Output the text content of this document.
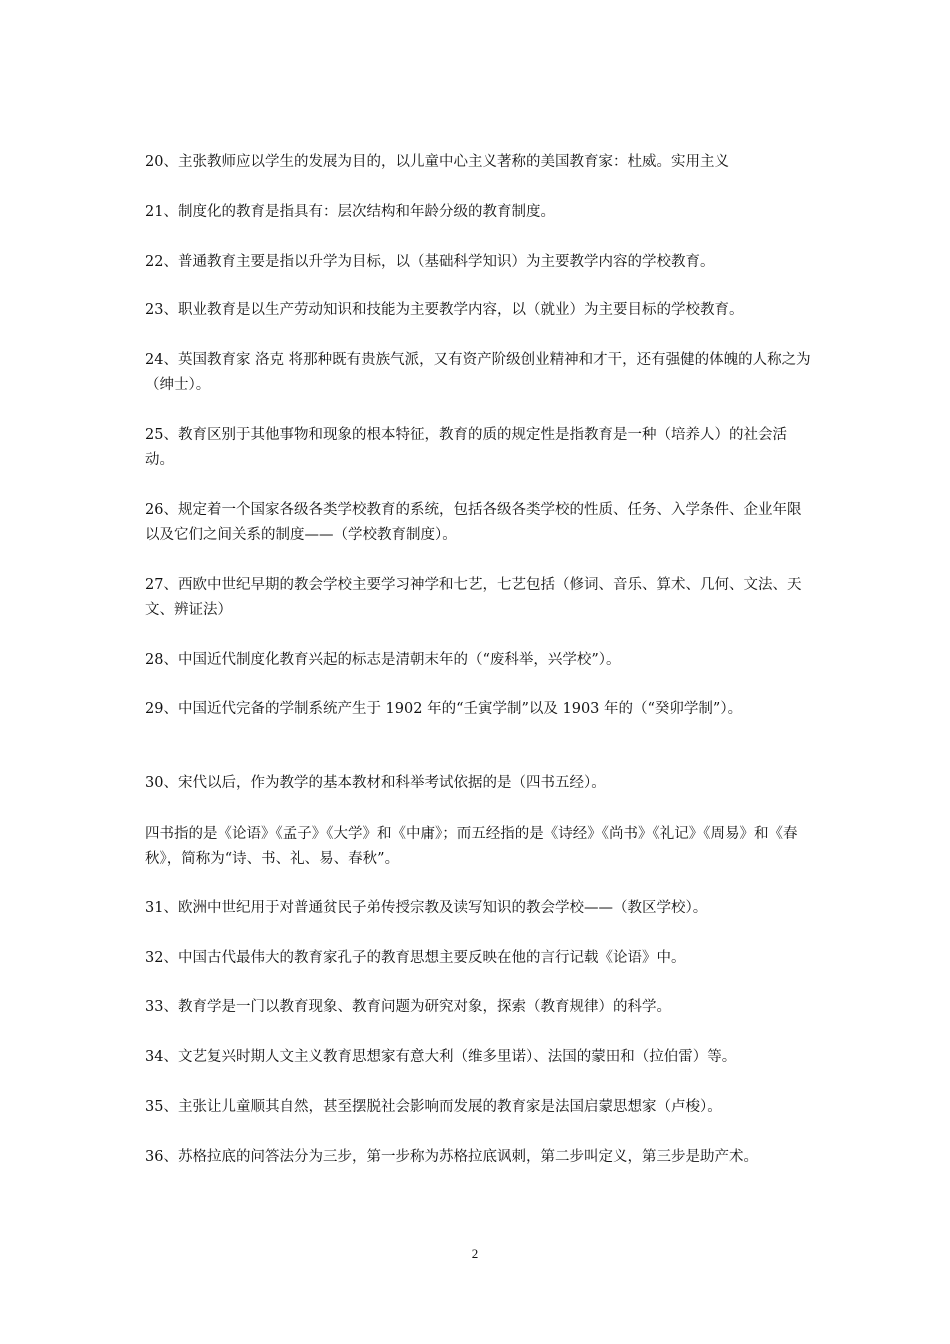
20、主张教师应以学生的发展为目的，以儿童中心主义著称的美国教育家：杜威。实用主义
21、制度化的教育是指具有：层次结构和年龄分级的教育制度。
22、普通教育主要是指以升学为目标，以（基础科学知识）为主要教学内容的学校教育。
23、职业教育是以生产劳动知识和技能为主要教学内容，以（就业）为主要目标的学校教育。
24、英国教育家 洛克 将那种既有贵族气派，又有资产阶级创业精神和才干，还有强健的体魄的人称之为（绅士）。
25、教育区别于其他事物和现象的根本特征，教育的质的规定性是指教育是一种（培养人）的社会活动。
26、规定着一个国家各级各类学校教育的系统，包括各级各类学校的性质、任务、入学条件、企业年限以及它们之间关系的制度——（学校教育制度）。
27、西欧中世纪早期的教会学校主要学习神学和七艺，七艺包括（修词、音乐、算术、几何、文法、天文、辨证法）
28、中国近代制度化教育兴起的标志是清朝末年的（“废科举，兴学校”）。
29、中国近代完备的学制系统产生于 1902 年的“壬寅学制”以及 1903 年的（“癸卯学制”）。
30、宋代以后，作为教学的基本教材和科举考试依据的是（四书五经）。
四书指的是《论语》《孟子》《大学》和《中庸》；而五经指的是《诗经》《尚书》《礼记》《周易》和《春秋》，简称为“诗、书、礼、易、春秋”。
31、欧洲中世纪用于对普通贫民子弟传授宗教及读写知识的教会学校——（教区学校）。
32、中国古代最伟大的教育家孔子的教育思想主要反映在他的言行记载《论语》中。
33、教育学是一门以教育现象、教育问题为研究对象，探索（教育规律）的科学。
34、文艺复兴时期人文主义教育思想家有意大利（维多里诺）、法国的蒙田和（拉伯雷）等。
35、主张让儿童顺其自然，甚至摆脱社会影响而发展的教育家是法国启蒙思想家（卢梭）。
36、苏格拉底的问答法分为三步，第一步称为苏格拉底讽刺，第二步叫定义，第三步是助产术。
2
